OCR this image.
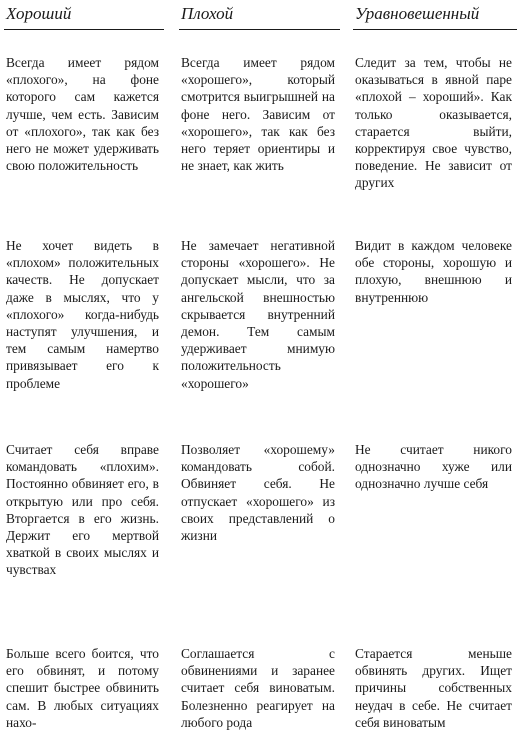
Хороший	Плохой	Уравновешенный
Всегда имеет рядом «плохого», на фоне которого сам кажется лучше, чем есть. Зависим от «плохого», так как без него не может удерживать свою положительность
Всегда имеет рядом «хорошего», который смотрится выигрышней на фоне него. Зависим от «хорошего», так как без него теряет ориентиры и не знает, как жить
Следит за тем, чтобы не оказываться в явной паре «плохой – хороший». Как только оказывается, старается выйти, корректируя свое чувство, поведение. Не зависит от других
Не хочет видеть в «плохом» положительных качеств. Не допускает даже в мыслях, что у «плохого» когда-нибудь наступят улучшения, и тем самым намертво привязывает его к проблеме
Не замечает негативной стороны «хорошего». Не допускает мысли, что за ангельской внешностью скрывается внутренний демон. Тем самым удерживает мнимую положительность «хорошего»
Видит в каждом человеке обе стороны, хорошую и плохую, внешнюю и внутреннюю
Считает себя вправе командовать «плохим». Постоянно обвиняет его, в открытую или про себя. Вторгается в его жизнь. Держит его мертвой хваткой в своих мыслях и чувствах
Позволяет «хорошему» командовать собой. Обвиняет себя. Не отпускает «хорошего» из своих представлений о жизни
Не считает никого однозначно хуже или однозначно лучше себя
Больше всего боится, что его обвинят, и потому спешит быстрее обвинить сам. В любых ситуациях нахо-
Соглашается с обвинениями и заранее считает себя виноватым. Болезненно реагирует на любого рода
Старается меньше обвинять других. Ищет причины собственных неудач в себе. Не считает себя виноватым
